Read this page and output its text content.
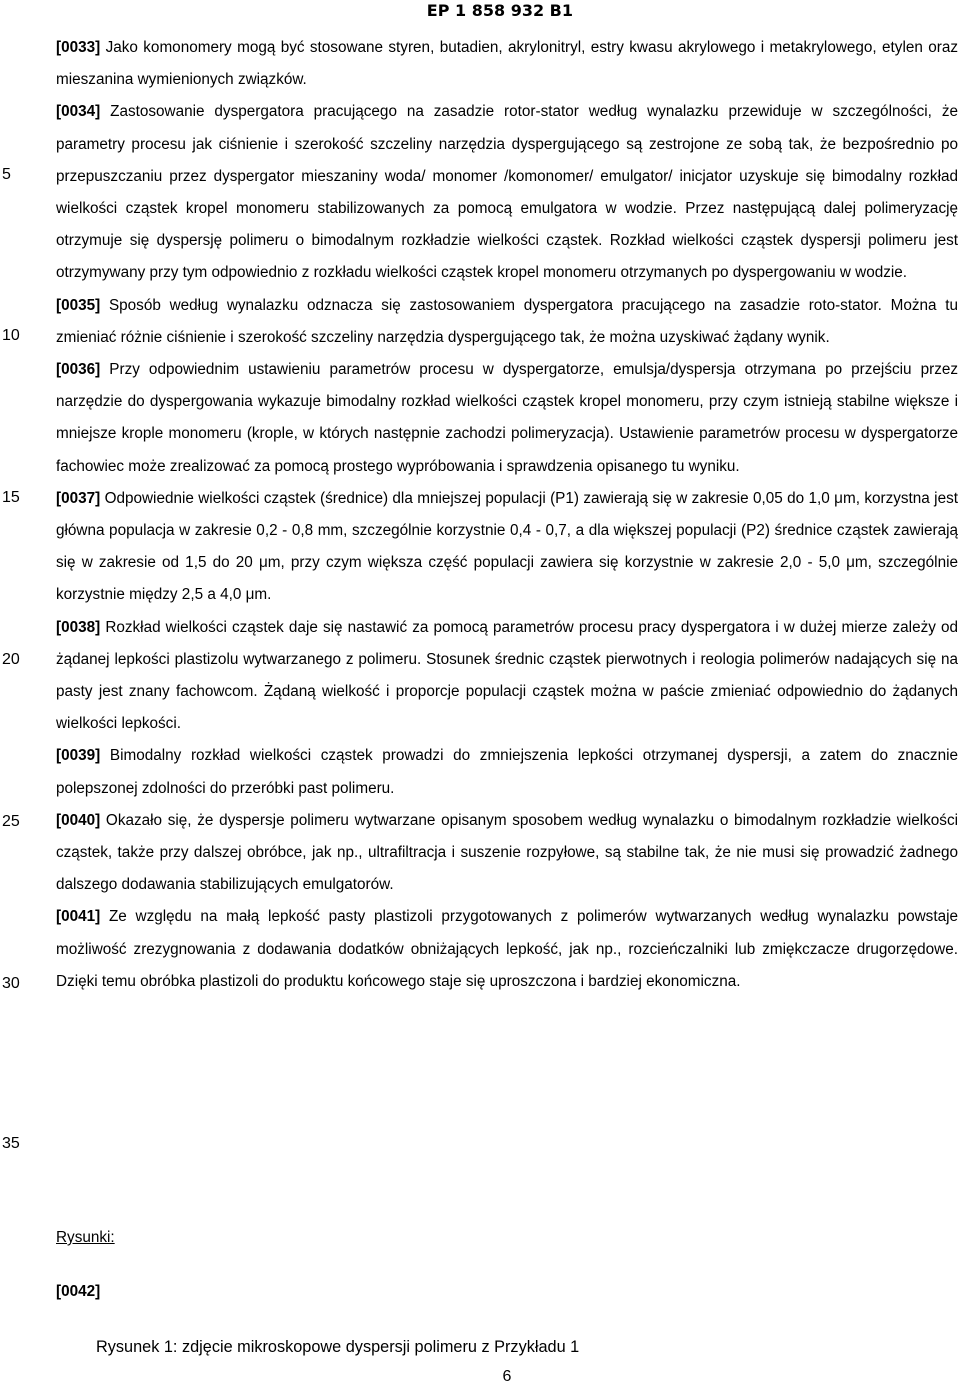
EP 1 858 932 B1
5
10
15
20
25
30
35

[0033] Jako komonomery mogą być stosowane styren, butadien, akrylonitryl, estry kwasu akrylowego i metakrylowego, etylen oraz mieszanina wymienionych związków.

[0034] Zastosowanie dyspergatora pracującego na zasadzie rotor-stator według wynalazku przewiduje w szczególności, że parametry procesu jak ciśnienie i szerokość szczeliny narzędzia dyspergującego są zestrojone ze sobą tak, że bezpośrednio po przepuszczaniu przez dyspergator mieszaniny woda/ monomer /komonomer/ emulgator/ inicjator uzyskuje się bimodalny rozkład wielkości cząstek kropel monomeru stabilizowanych za pomocą emulgatora w wodzie. Przez następującą dalej polimeryzację otrzymuje się dyspersję polimeru o bimodalnym rozkładzie wielkości cząstek. Rozkład wielkości cząstek dyspersji polimeru jest otrzymywany przy tym odpowiednio z rozkładu wielkości cząstek kropel monomeru otrzymanych po dyspergowaniu w wodzie.

[0035] Sposób według wynalazku odznacza się zastosowaniem dyspergatora pracującego na zasadzie roto-stator. Można tu zmieniać różnie ciśnienie i szerokość szczeliny narzędzia dyspergującego tak, że można uzyskiwać żądany wynik.

[0036] Przy odpowiednim ustawieniu parametrów procesu w dyspergatorze, emulsja/dyspersja otrzymana po przejściu przez narzędzie do dyspergowania wykazuje bimodalny rozkład wielkości cząstek kropel monomeru, przy czym istnieją stabilne większe i mniejsze krople monomeru (krople, w których następnie zachodzi polimeryzacja). Ustawienie parametrów procesu w dyspergatorze fachowiec może zrealizować za pomocą prostego wypróbowania i sprawdzenia opisanego tu wyniku.

[0037] Odpowiednie wielkości cząstek (średnice) dla mniejszej populacji (P1) zawierają się w zakresie 0,05 do 1,0 μm, korzystna jest główna populacja w zakresie 0,2 - 0,8 mm, szczególnie korzystnie 0,4 - 0,7, a dla większej populacji (P2) średnice cząstek zawierają się w zakresie od 1,5 do 20 μm, przy czym większa część populacji zawiera się korzystnie w zakresie 2,0 - 5,0 μm, szczególnie korzystnie między 2,5 a 4,0 μm.

[0038] Rozkład wielkości cząstek daje się nastawić za pomocą parametrów procesu pracy dyspergatora i w dużej mierze zależy od żądanej lepkości plastizolu wytwarzanego z polimeru. Stosunek średnic cząstek pierwotnych i reologia polimerów nadających się na pasty jest znany fachowcom. Żądaną wielkość i proporcje populacji cząstek można w paście zmieniać odpowiednio do żądanych wielkości lepkości.

[0039] Bimodalny rozkład wielkości cząstek prowadzi do zmniejszenia lepkości otrzymanej dyspersji, a zatem do znacznie polepszonej zdolności do przeróbki past polimeru.

[0040] Okazało się, że dyspersje polimeru wytwarzane opisanym sposobem według wynalazku o bimodalnym rozkładzie wielkości cząstek, także przy dalszej obróbce, jak np., ultrafiltracja i suszenie rozpyłowe, są stabilne tak, że nie musi się prowadzić żadnego dalszego dodawania stabilizujących emulgatorów.

[0041] Ze względu na małą lepkość pasty plastizoli przygotowanych z polimerów wytwarzanych według wynalazku powstaje możliwość zrezygnowania z dodawania dodatków obniżających lepkość, jak np., rozcieńczalniki lub zmiękczacze drugorzędowe. Dzięki temu obróbka plastizoli do produktu końcowego staje się uproszczona i bardziej ekonomiczna.

Rysunki:
[0042]
Rysunek 1: zdjęcie mikroskopowe dyspersji polimeru z Przykładu 1
6
